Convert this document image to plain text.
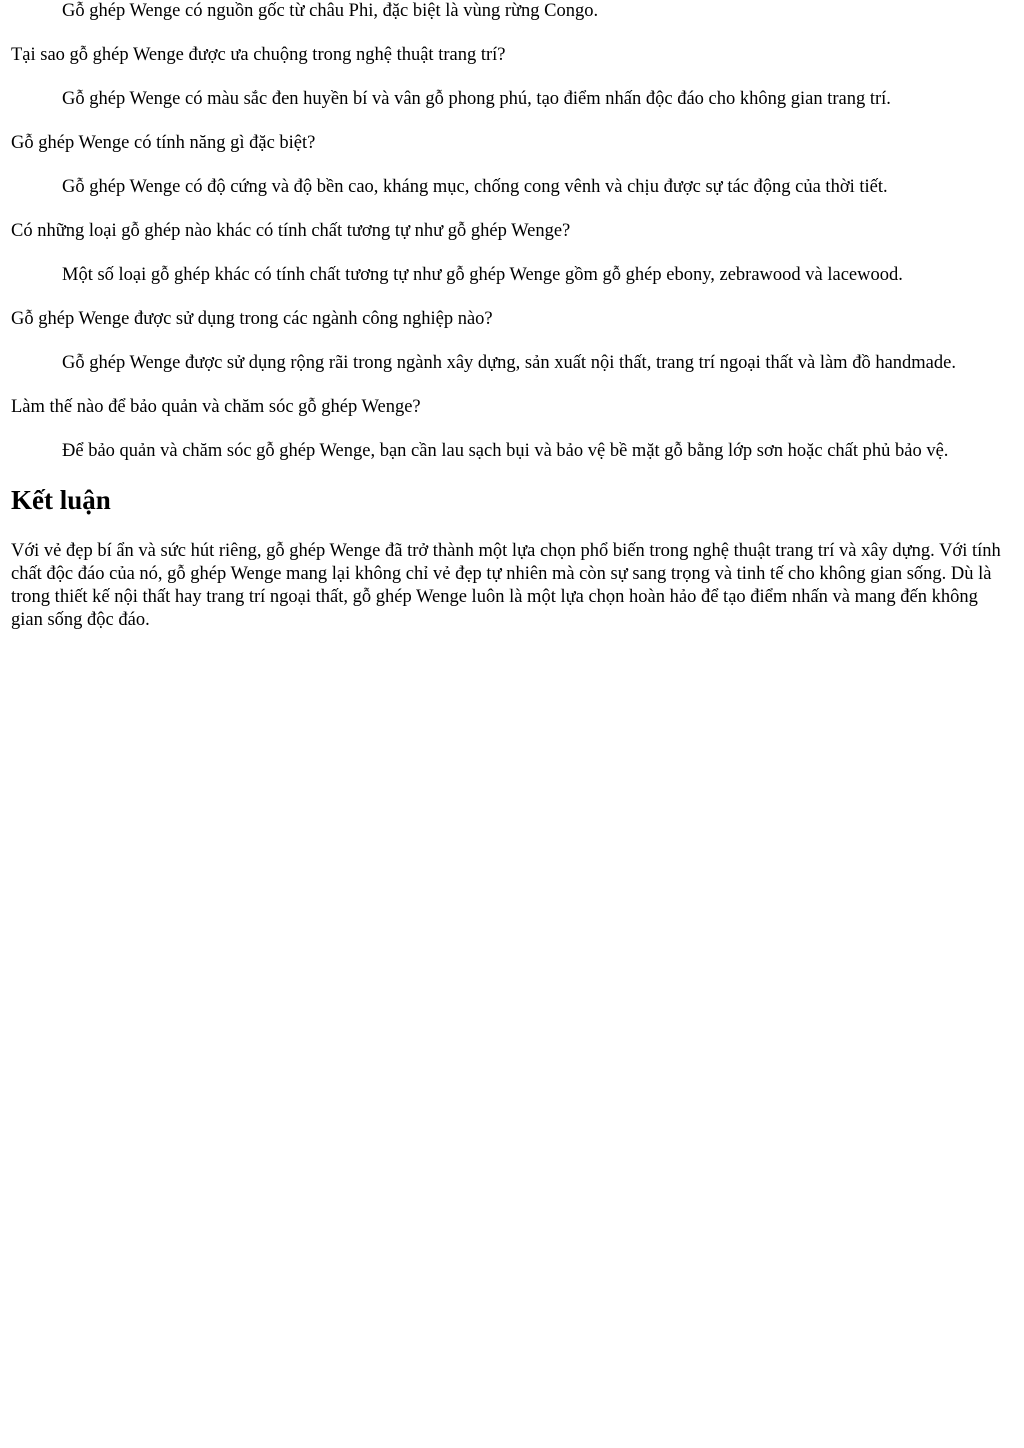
Gỗ ghép Wenge có nguồn gốc từ châu Phi, đặc biệt là vùng rừng Congo.
Tại sao gỗ ghép Wenge được ưa chuộng trong nghệ thuật trang trí?
Gỗ ghép Wenge có màu sắc đen huyền bí và vân gỗ phong phú, tạo điểm nhấn độc đáo cho không gian trang trí.
Gỗ ghép Wenge có tính năng gì đặc biệt?
Gỗ ghép Wenge có độ cứng và độ bền cao, kháng mục, chống cong vênh và chịu được sự tác động của thời tiết.
Có những loại gỗ ghép nào khác có tính chất tương tự như gỗ ghép Wenge?
Một số loại gỗ ghép khác có tính chất tương tự như gỗ ghép Wenge gồm gỗ ghép ebony, zebrawood và lacewood.
Gỗ ghép Wenge được sử dụng trong các ngành công nghiệp nào?
Gỗ ghép Wenge được sử dụng rộng rãi trong ngành xây dựng, sản xuất nội thất, trang trí ngoại thất và làm đồ handmade.
Làm thế nào để bảo quản và chăm sóc gỗ ghép Wenge?
Để bảo quản và chăm sóc gỗ ghép Wenge, bạn cần lau sạch bụi và bảo vệ bề mặt gỗ bằng lớp sơn hoặc chất phủ bảo vệ.
Kết luận

Với vẻ đẹp bí ẩn và sức hút riêng, gỗ ghép Wenge đã trở thành một lựa chọn phổ biến trong nghệ thuật trang trí và xây dựng. Với tính chất độc đáo của nó, gỗ ghép Wenge mang lại không chỉ vẻ đẹp tự nhiên mà còn sự sang trọng và tinh tế cho không gian sống. Dù là trong thiết kế nội thất hay trang trí ngoại thất, gỗ ghép Wenge luôn là một lựa chọn hoàn hảo để tạo điểm nhấn và mang đến không gian sống độc đáo.
